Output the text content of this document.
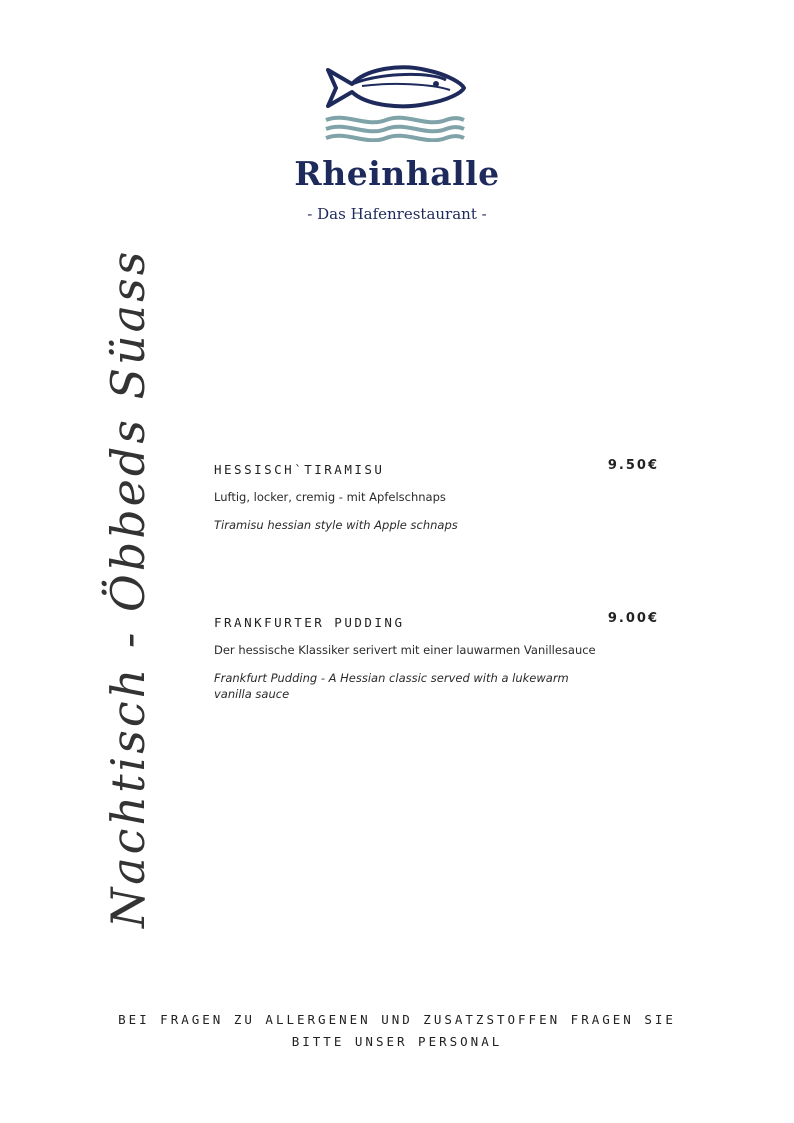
Rheinhalle
- Das Hafenrestaurant -
Nachtisch - Öbbeds Süass	HESSISCH`TIRAMISU	9.50€
Luftig, locker, cremig - mit Apfelschnaps
Tiramisu hessian style with Apple schnaps
FRANKFURTER PUDDING	9.00€
Der hessische Klassiker serivert mit einer lauwarmen Vanillesauce
Frankfurt Pudding - A Hessian classic served with a lukewarm vanilla sauce
BEI FRAGEN ZU ALLERGENEN UND ZUSATZSTOFFEN FRAGEN SIE
BITTE UNSER PERSONAL
